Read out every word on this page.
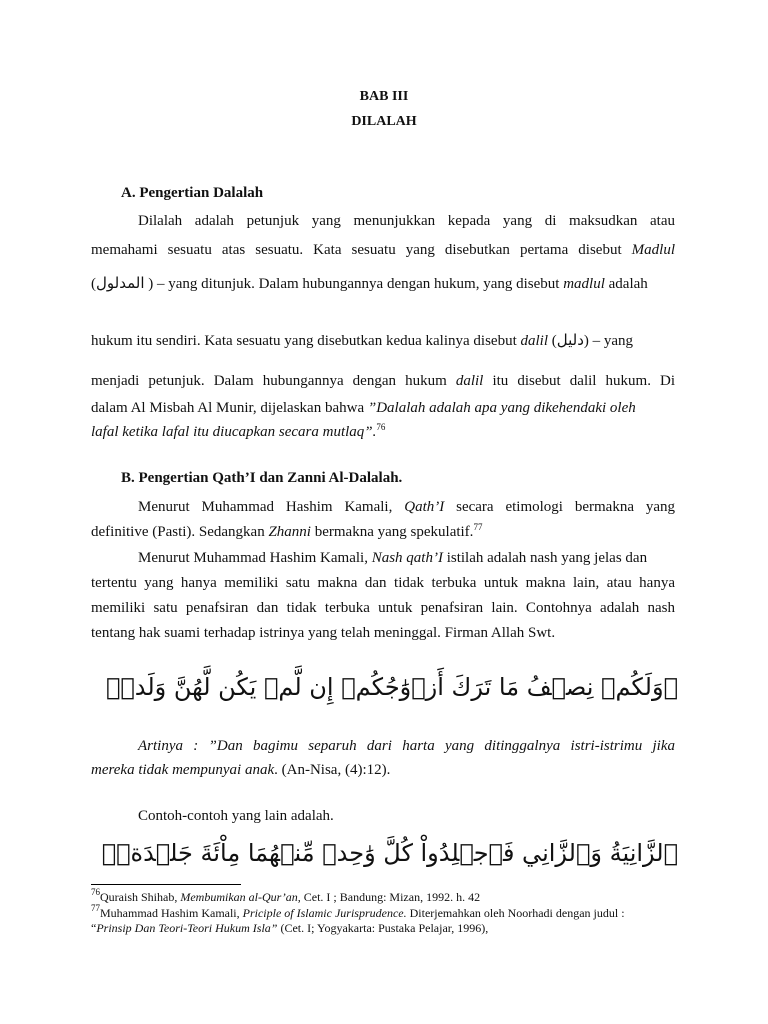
BAB III
DILALAH
A. Pengertian Dalalah
Dilalah adalah petunjuk yang menunjukkan kepada yang di maksudkan atau
memahami sesuatu atas sesuatu. Kata sesuatu yang disebutkan pertama disebut Madlul
(المدلول ) – yang ditunjuk. Dalam hubungannya dengan hukum, yang disebut madlul adalah
hukum itu sendiri. Kata sesuatu yang disebutkan kedua kalinya disebut dalil (دليل) – yang
menjadi petunjuk. Dalam hubungannya dengan hukum dalil itu disebut dalil hukum. Di
dalam Al Misbah Al Munir, dijelaskan bahwa ”Dalalah adalah apa yang dikehendaki oleh
lafal ketika lafal itu diucapkan secara mutlaq”.$^{76}$
B. Pengertian Qath’I dan Zanni Al-Dalalah.
Menurut Muhammad Hashim Kamali, Qath’I secara etimologi bermakna yang
definitive (Pasti). Sedangkan Zhanni bermakna yang spekulatif.$^{77}$
Menurut Muhammad Hashim Kamali, Nash qath’I istilah adalah nash yang jelas dan
tertentu yang hanya memiliki satu makna dan tidak terbuka untuk makna lain, atau hanya
memiliki satu penafsiran dan tidak terbuka untuk penafsiran lain. Contohnya adalah nash
tentang hak suami terhadap istrinya yang telah meninggal. Firman Allah Swt.
۞وَلَكُمۡ نِصۡفُ مَا تَرَكَ أَزۡوَٰجُكُمۡ إِن لَّمۡ يَكُن لَّهُنَّ وَلَدٞۚ
Artinya : ”Dan bagimu separuh dari harta yang ditinggalnya istri-istrimu jika
mereka tidak mempunyai anak. (An-Nisa, (4):12).
Contoh-contoh yang lain adalah.
ٱلزَّانِيَةُ وَٱلزَّانِي فَٱجۡلِدُواْ كُلَّ وَٰحِدٖ مِّنۡهُمَا مِاْئَةَ جَلۡدَةٖۖ
$^{76}$Quraish Shihab, Membumikan al-Qur’an, Cet. I ; Bandung: Mizan, 1992. h. 42
$^{77}$Muhammad Hashim Kamali, Priciple of Islamic Jurisprudence. Diterjemahkan oleh Noorhadi dengan judul :
“Prinsip Dan Teori-Teori Hukum Isla” (Cet. I; Yogyakarta: Pustaka Pelajar, 1996),
